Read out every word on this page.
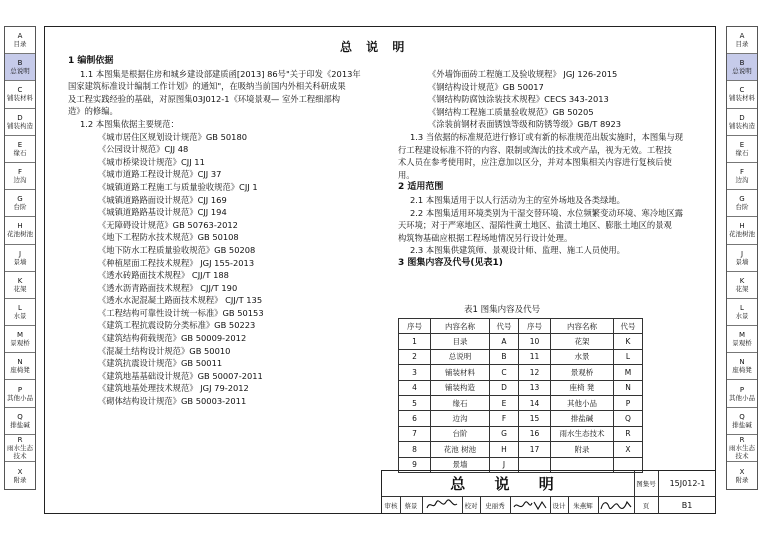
A
目录
B
总说明
C
铺装材料
D
铺装构造
E
缘石
F
边沟
G
台阶
H
花池树池
J
景墙
K
花架
L
水景
M
景观桥
N
座椅凳
P
其他小品
Q
排盐碱
R
雨水生态技术
X
附录
A
目录
B
总说明
C
铺装材料
D
铺装构造
E
缘石
F
边沟
G
台阶
H
花池树池
J
景墙
K
花架
L
水景
M
景观桥
N
座椅凳
P
其他小品
Q
排盐碱
R
雨水生态技术
X
附录
总 说 明

1 编制依据

1.1 本图集是根据住房和城乡建设部建质函[2013] 86号"关于印发《2013年

国家建筑标准设计编制工作计划》的通知"，在吸纳当前国内外相关科研成果

及工程实践经验的基础，对原图集03J012-1《环境景观— 室外工程细部构

造》的修编。

1.2 本图集依据主要规范：

《城市居住区规划设计规范》GB 50180

《公园设计规范》CJJ 48

《城市桥梁设计规范》CJJ 11

《城市道路工程设计规范》CJJ 37

《城镇道路工程施工与质量验收规范》CJJ 1

《城镇道路路面设计规范》CJJ 169

《城镇道路路基设计规范》CJJ 194

《无障碍设计规范》GB 50763-2012

《地下工程防水技术规范》GB 50108

《地下防水工程质量验收规范》GB 50208

《种植屋面工程技术规程》 JGJ 155-2013

《透水砖路面技术规程》 CJJ/T 188

《透水沥青路面技术规程》 CJJ/T 190

《透水水泥混凝土路面技术规程》 CJJ/T 135

《工程结构可靠性设计统一标准》GB 50153

《建筑工程抗震设防分类标准》GB 50223

《建筑结构荷载规范》GB 50009-2012

《混凝土结构设计规范》GB 50010

《建筑抗震设计规范》GB 50011

《建筑地基基础设计规范》GB 50007-2011

《建筑地基处理技术规范》 JGJ 79-2012

《砌体结构设计规范》GB 50003-2011

《外墙饰面砖工程施工及验收规程》 JGJ 126-2015

《钢结构设计规范》GB 50017

《钢结构防腐蚀涂装技术规程》CECS 343-2013

《钢结构工程施工质量验收规范》GB 50205

《涂装前钢材表面锈蚀等级和防锈等级》GB/T 8923

1.3 当依据的标准规范进行修订或有新的标准规范出版实施时，本图集与现

行工程建设标准不符的内容、限制或淘汰的技术或产品，视为无效。工程技

术人员在参考使用时，应注意加以区分，并对本图集相关内容进行复核后使

用。

2 适用范围

2.1 本图集适用于以人行活动为主的室外场地及各类绿地。

2.2 本图集适用环境类别为干湿交替环境、水位频繁变动环境、寒冷地区露

天环境；对于严寒地区、湿陷性黄土地区、盐渍土地区、膨胀土地区的景观

构筑物基础应根据工程场地情况另行设计处理。

2.3 本图集供建筑师、景观设计师、监理、施工人员使用。

3 图集内容及代号(见表1)

表1 图集内容及代号
序号	内容名称	代号	序号	内容名称	代号
1	目录	A	10	花架	K
2	总说明	B	11	水景	L
3	铺装材料	C	12	景观桥	M
4	铺装构造	D	13	座椅 凳	N
5	缘石	E	14	其他小品	P
6	边沟	F	15	排盐碱	Q
7	台阶	G	16	雨水生态技术	R
8	花池 树池	H	17	附录	X
9	景墙	J			
总 说 明	图集号	15J012-1
审核	蔡景	校对	史丽秀	设计	朱燕辉	页	B1
